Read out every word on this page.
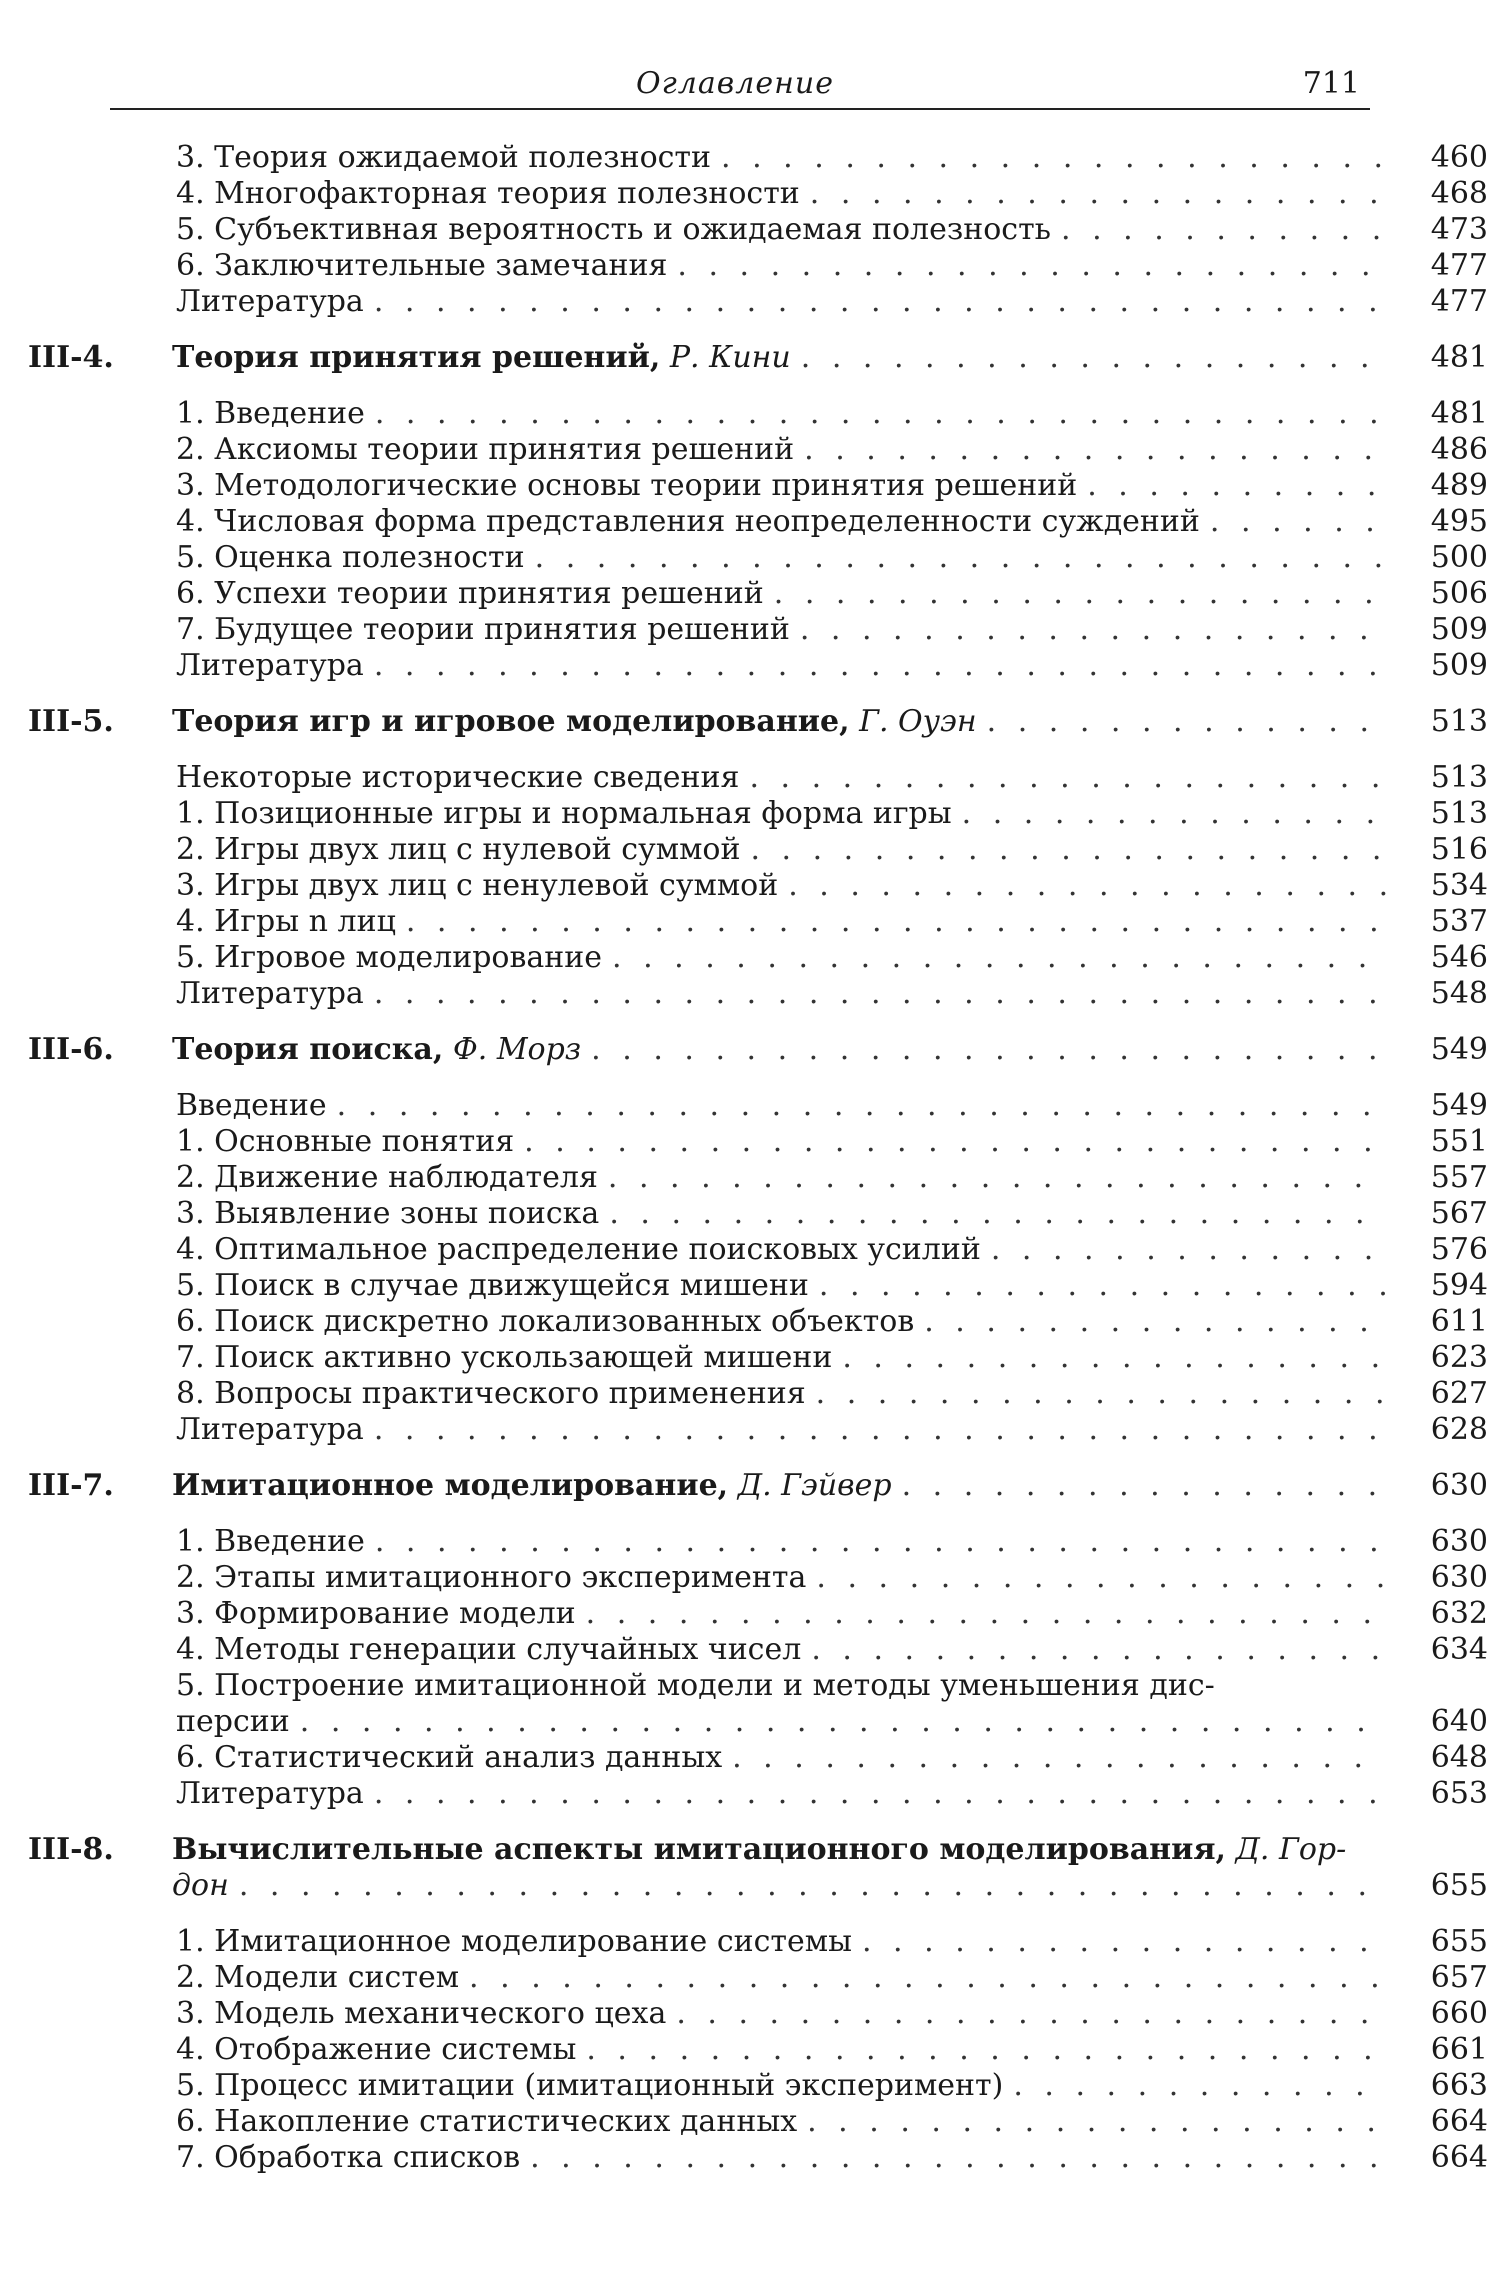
Оглавление	711
3. Теория ожидаемой полезности . . .	460
4. Многофакторная теория полезности . . .	468
5. Субъективная вероятность и ожидаемая полезность . . .	473
6. Заключительные замечания . . .	477
Литература . . .	477
III-4. Теория принятия решений,
Р. Кини . . .	481
1. Введение . . .	481
2. Аксиомы теории принятия решений . . .	486
3. Методологические основы теории принятия решений . . .	489
4. Числовая форма представления неопределенности суждений . . .	495
5. Оценка полезности . . .	500
6. Успехи теории принятия решений . . .	506
7. Будущее теории принятия решений . . .	509
Литература . . .	509
III-5. Теория игр и игровое моделирование,
Г. Оуэн . . .	513
Некоторые исторические сведения . . .	513
1. Позиционные игры и нормальная форма игры . . .	513
2. Игры двух лиц с нулевой суммой . . .	516
3. Игры двух лиц с ненулевой суммой . . .	534
4. Игры n лиц . . .	537
5. Игровое моделирование . . .	546
Литература . . .	548
III-6. Теория поиска,
Ф. Морз . . .	549
Введение . . .	549
1. Основные понятия . . .	551
2. Движение наблюдателя . . .	557
3. Выявление зоны поиска . . .	567
4. Оптимальное распределение поисковых усилий . . .	576
5. Поиск в случае движущейся мишени . . .	594
6. Поиск дискретно локализованных объектов . . .	611
7. Поиск активно ускользающей мишени . . .	623
8. Вопросы практического применения . . .	627
Литература . . .	628
III-7. Имитационное моделирование,
Д. Гэйвер . . .	630
1. Введение . . .	630
2. Этапы имитационного эксперимента . . .	630
3. Формирование модели . . .	632
4. Методы генерации случайных чисел . . .	634
5. Построение имитационной модели и методы уменьшения дис-
персии . . .	640
6. Статистический анализ данных . . .	648
Литература . . .	653
III-8. Вычислительные аспекты имитационного моделирования, Д. Гор-
дон . . .	655
1. Имитационное моделирование системы . . .	655
2. Модели систем . . .	657
3. Модель механического цеха . . .	660
4. Отображение системы . . .	661
5. Процесс имитации (имитационный эксперимент) . . .	663
6. Накопление статистических данных . . .	664
7. Обработка списков . . .	664
